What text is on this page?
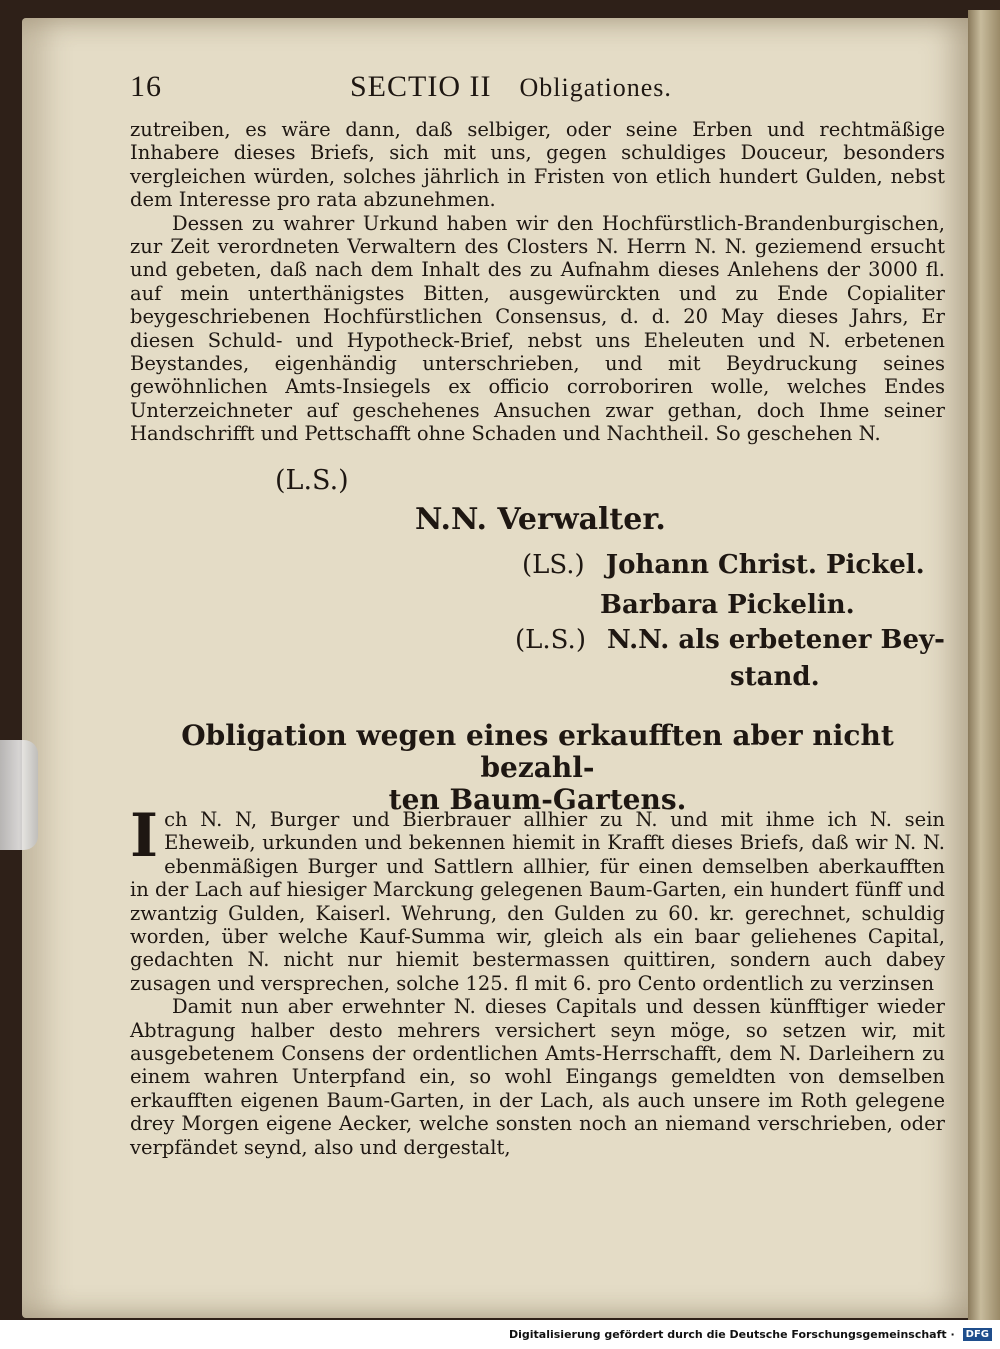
16	SECTIO II Obligationes.

zutreiben, es wäre dann, daß selbiger, oder seine Erben und rechtmäßige Inhabere dieses Briefs, sich mit uns, gegen schuldiges Douceur, besonders vergleichen würden, solches jährlich in Fristen von etlich hundert Gulden, nebst dem Interesse pro rata abzunehmen.

Dessen zu wahrer Urkund haben wir den Hochfürstlich-Brandenburgischen, zur Zeit verordneten Verwaltern des Closters N. Herrn N. N. geziemend ersucht und gebeten, daß nach dem Inhalt des zu Aufnahm dieses Anlehens der 3000 fl. auf mein unterthänigstes Bitten, ausgewürckten und zu Ende Copialiter beygeschriebenen Hochfürstlichen Consensus, d. d. 20 May dieses Jahrs, Er diesen Schuld- und Hypotheck-Brief, nebst uns Eheleuten und N. erbetenen Beystandes, eigenhändig unterschrieben, und mit Beydruckung seines gewöhnlichen Amts-Insiegels ex officio corroboriren wolle, welches Endes Unterzeichneter auf geschehenes Ansuchen zwar gethan, doch Ihme seiner Handschrifft und Pettschafft ohne Schaden und Nachtheil. So geschehen N.

(L.S.)
N.N. Verwalter.
(LS.) Johann Christ. Pickel.
Barbara Pickelin.
(L.S.) N.N. als erbetener Bey-
stand.
Obligation wegen eines erkaufften aber nicht bezahl-
ten Baum-Gartens.

Ich N. N, Burger und Bierbrauer allhier zu N. und mit ihme ich N. sein Eheweib, urkunden und bekennen hiemit in Krafft dieses Briefs, daß wir N. N. ebenmäßigen Burger und Sattlern allhier, für einen demselben aberkaufften in der Lach auf hiesiger Marckung gelegenen Baum-Garten, ein hundert fünff und zwantzig Gulden, Kaiserl. Wehrung, den Gulden zu 60. kr. gerechnet, schuldig worden, über welche Kauf-Summa wir, gleich als ein baar geliehenes Capital, gedachten N. nicht nur hiemit bestermassen quittiren, sondern auch dabey zusagen und versprechen, solche 125. fl mit 6. pro Cento ordentlich zu verzinsen

Damit nun aber erwehnter N. dieses Capitals und dessen künfftiger wieder Abtragung halber desto mehrers versichert seyn möge, so setzen wir, mit ausgebetenem Consens der ordentlichen Amts-Herrschafft, dem N. Darleihern zu einem wahren Unterpfand ein, so wohl Eingangs gemeldten von demselben erkaufften eigenen Baum-Garten, in der Lach, als auch unsere im Roth gelegene drey Morgen eigene Aecker, welche sonsten noch an niemand verschrieben, oder verpfändet seynd, also und dergestalt,

Digitalisierung gefördert durch die Deutsche Forschungsgemeinschaft ·	DFG
